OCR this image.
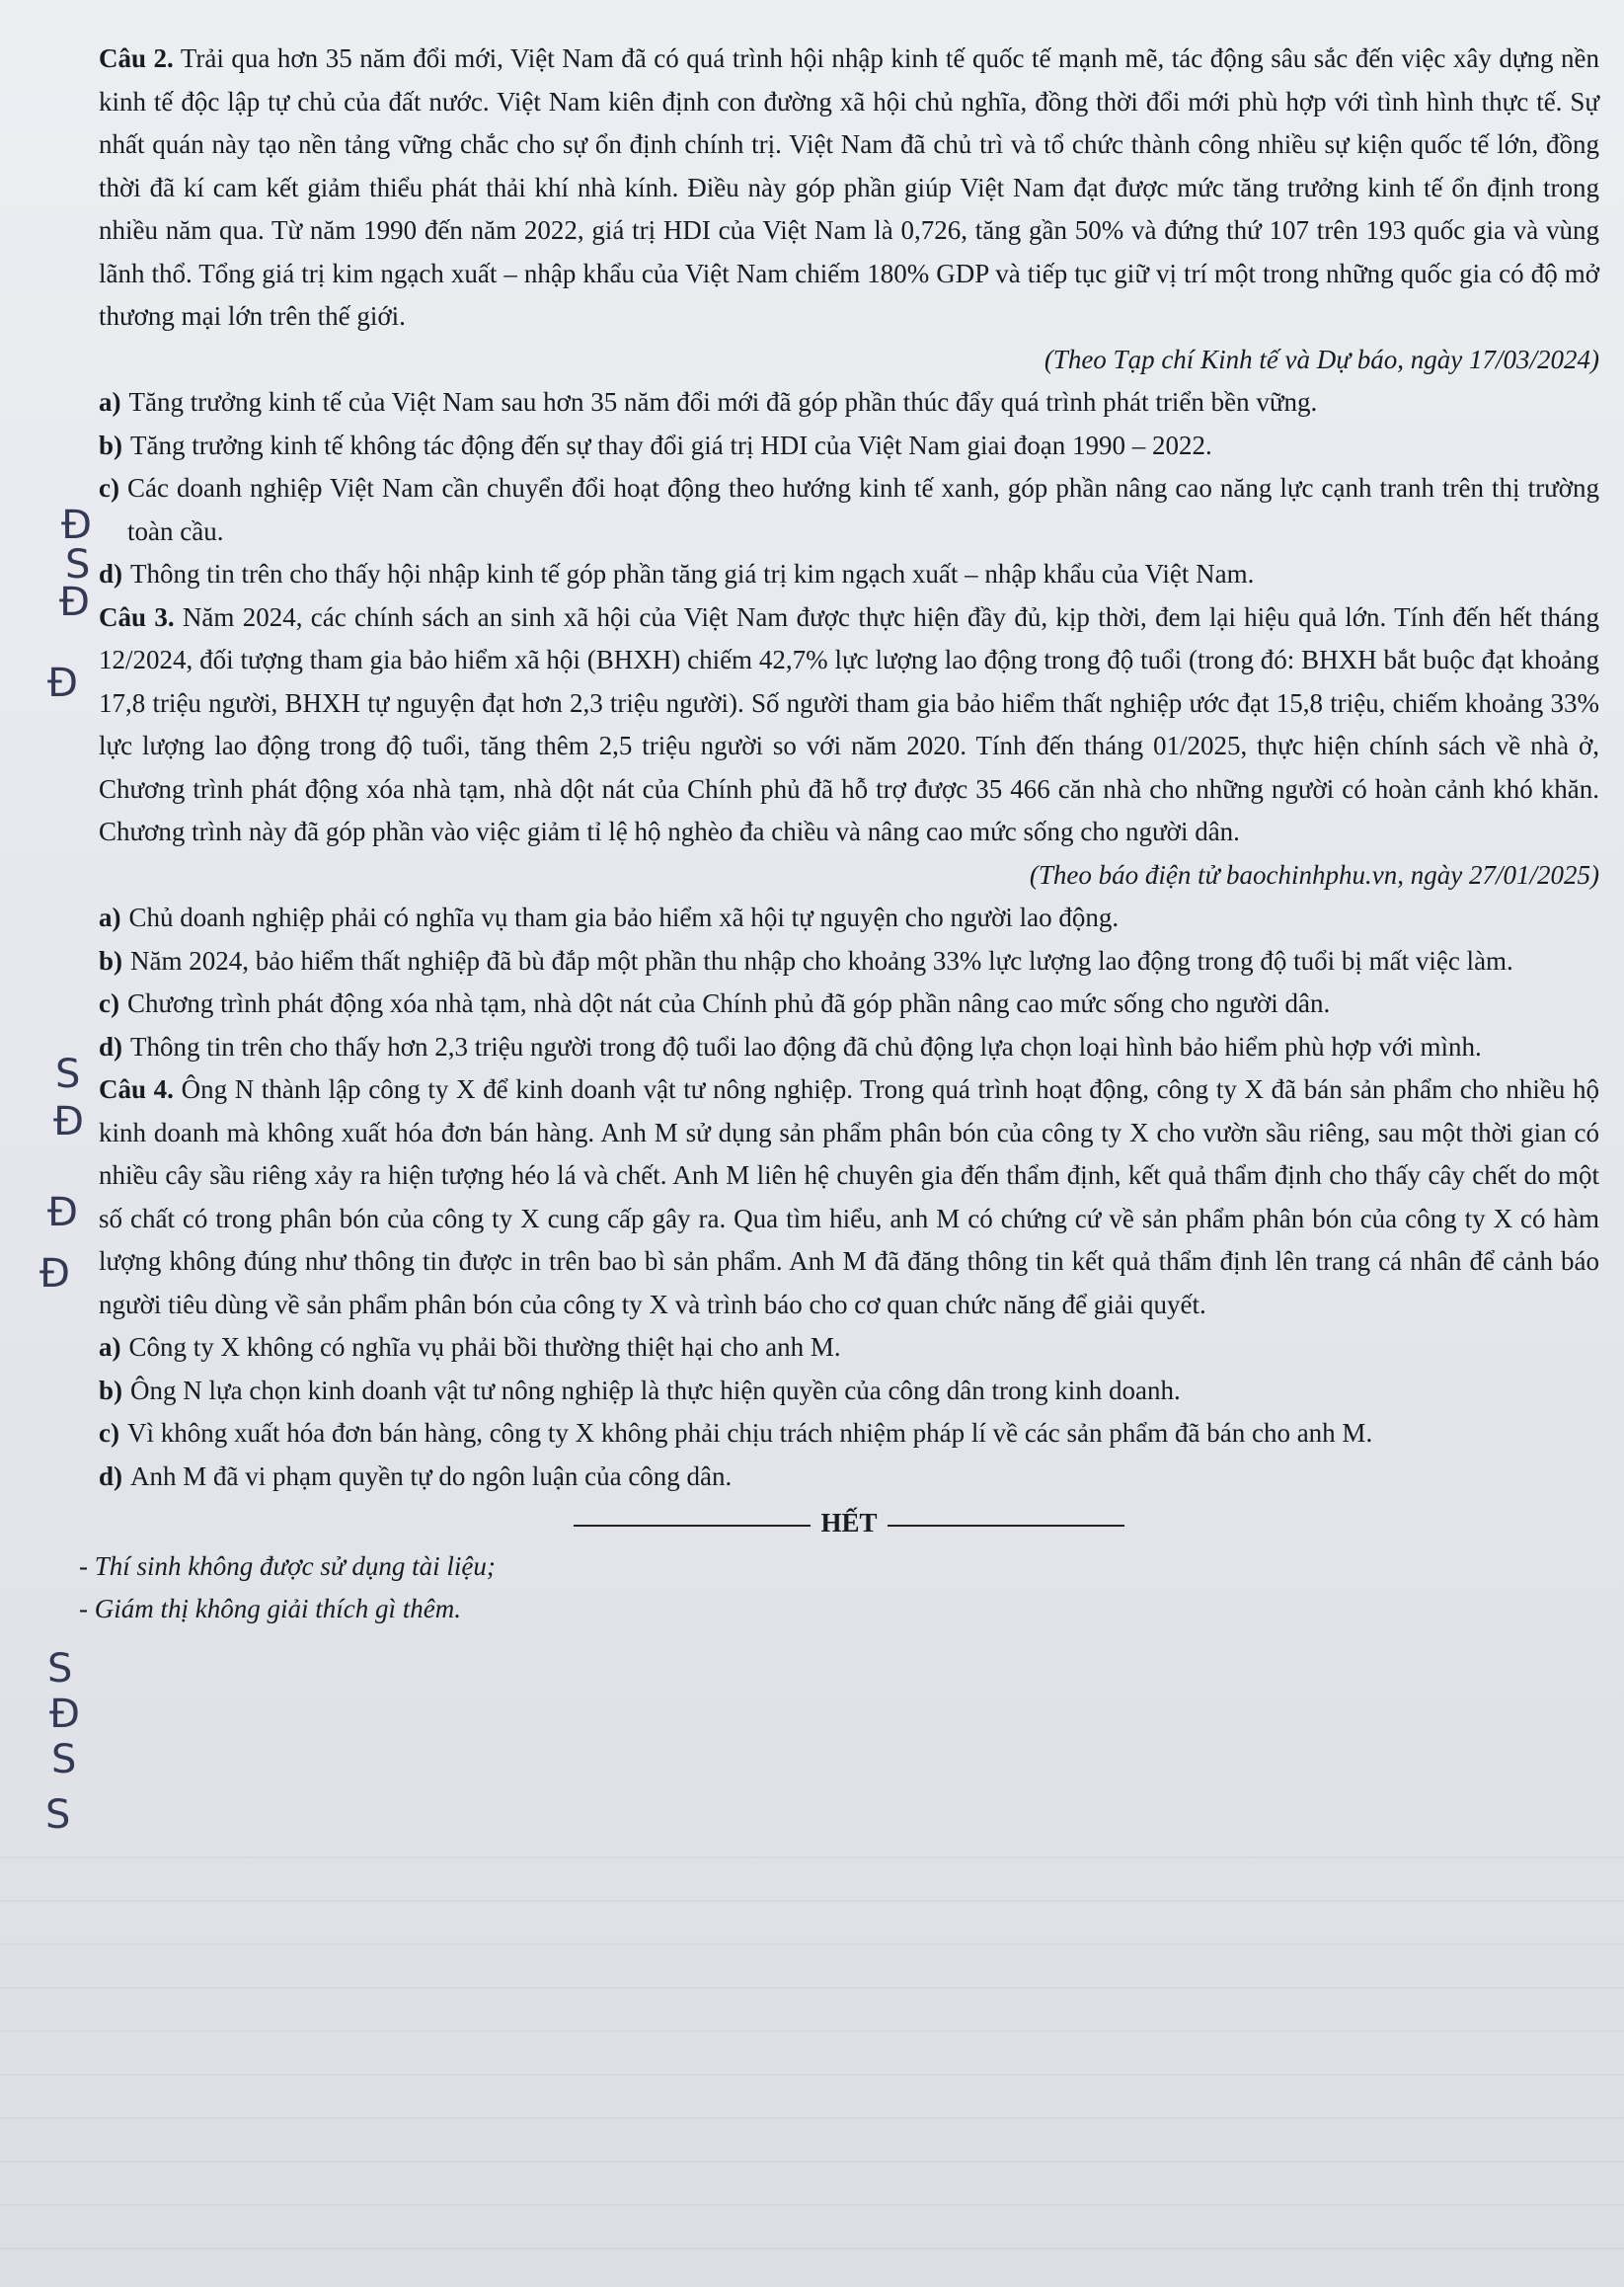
Câu 2. Trải qua hơn 35 năm đổi mới, Việt Nam đã có quá trình hội nhập kinh tế quốc tế mạnh mẽ, tác động sâu sắc đến việc xây dựng nền kinh tế độc lập tự chủ của đất nước. Việt Nam kiên định con đường xã hội chủ nghĩa, đồng thời đổi mới phù hợp với tình hình thực tế. Sự nhất quán này tạo nền tảng vững chắc cho sự ổn định chính trị. Việt Nam đã chủ trì và tổ chức thành công nhiều sự kiện quốc tế lớn, đồng thời đã kí cam kết giảm thiểu phát thải khí nhà kính. Điều này góp phần giúp Việt Nam đạt được mức tăng trưởng kinh tế ổn định trong nhiều năm qua. Từ năm 1990 đến năm 2022, giá trị HDI của Việt Nam là 0,726, tăng gần 50% và đứng thứ 107 trên 193 quốc gia và vùng lãnh thổ. Tổng giá trị kim ngạch xuất – nhập khẩu của Việt Nam chiếm 180% GDP và tiếp tục giữ vị trí một trong những quốc gia có độ mở thương mại lớn trên thế giới.

(Theo Tạp chí Kinh tế và Dự báo, ngày 17/03/2024)

a) Tăng trưởng kinh tế của Việt Nam sau hơn 35 năm đổi mới đã góp phần thúc đẩy quá trình phát triển bền vững.
b) Tăng trưởng kinh tế không tác động đến sự thay đổi giá trị HDI của Việt Nam giai đoạn 1990 – 2022.
c) Các doanh nghiệp Việt Nam cần chuyển đổi hoạt động theo hướng kinh tế xanh, góp phần nâng cao năng lực cạnh tranh trên thị trường toàn cầu.
d) Thông tin trên cho thấy hội nhập kinh tế góp phần tăng giá trị kim ngạch xuất – nhập khẩu của Việt Nam.

Câu 3. Năm 2024, các chính sách an sinh xã hội của Việt Nam được thực hiện đầy đủ, kịp thời, đem lại hiệu quả lớn. Tính đến hết tháng 12/2024, đối tượng tham gia bảo hiểm xã hội (BHXH) chiếm 42,7% lực lượng lao động trong độ tuổi (trong đó: BHXH bắt buộc đạt khoảng 17,8 triệu người, BHXH tự nguyện đạt hơn 2,3 triệu người). Số người tham gia bảo hiểm thất nghiệp ước đạt 15,8 triệu, chiếm khoảng 33% lực lượng lao động trong độ tuổi, tăng thêm 2,5 triệu người so với năm 2020. Tính đến tháng 01/2025, thực hiện chính sách về nhà ở, Chương trình phát động xóa nhà tạm, nhà dột nát của Chính phủ đã hỗ trợ được 35 466 căn nhà cho những người có hoàn cảnh khó khăn. Chương trình này đã góp phần vào việc giảm tỉ lệ hộ nghèo đa chiều và nâng cao mức sống cho người dân.

(Theo báo điện tử baochinhphu.vn, ngày 27/01/2025)

a) Chủ doanh nghiệp phải có nghĩa vụ tham gia bảo hiểm xã hội tự nguyện cho người lao động.
b) Năm 2024, bảo hiểm thất nghiệp đã bù đắp một phần thu nhập cho khoảng 33% lực lượng lao động trong độ tuổi bị mất việc làm.
c) Chương trình phát động xóa nhà tạm, nhà dột nát của Chính phủ đã góp phần nâng cao mức sống cho người dân.
d) Thông tin trên cho thấy hơn 2,3 triệu người trong độ tuổi lao động đã chủ động lựa chọn loại hình bảo hiểm phù hợp với mình.

Câu 4. Ông N thành lập công ty X để kinh doanh vật tư nông nghiệp. Trong quá trình hoạt động, công ty X đã bán sản phẩm cho nhiều hộ kinh doanh mà không xuất hóa đơn bán hàng. Anh M sử dụng sản phẩm phân bón của công ty X cho vườn sầu riêng, sau một thời gian có nhiều cây sầu riêng xảy ra hiện tượng héo lá và chết. Anh M liên hệ chuyên gia đến thẩm định, kết quả thẩm định cho thấy cây chết do một số chất có trong phân bón của công ty X cung cấp gây ra. Qua tìm hiểu, anh M có chứng cứ về sản phẩm phân bón của công ty X có hàm lượng không đúng như thông tin được in trên bao bì sản phẩm. Anh M đã đăng thông tin kết quả thẩm định lên trang cá nhân để cảnh báo người tiêu dùng về sản phẩm phân bón của công ty X và trình báo cho cơ quan chức năng để giải quyết.

a) Công ty X không có nghĩa vụ phải bồi thường thiệt hại cho anh M.
b) Ông N lựa chọn kinh doanh vật tư nông nghiệp là thực hiện quyền của công dân trong kinh doanh.
c) Vì không xuất hóa đơn bán hàng, công ty X không phải chịu trách nhiệm pháp lí về các sản phẩm đã bán cho anh M.
d) Anh M đã vi phạm quyền tự do ngôn luận của công dân.
HẾT

- Thí sinh không được sử dụng tài liệu;

- Giám thị không giải thích gì thêm.

Đ
S
Đ
Đ
S
Đ
Đ
Đ
S
Đ
S
S
